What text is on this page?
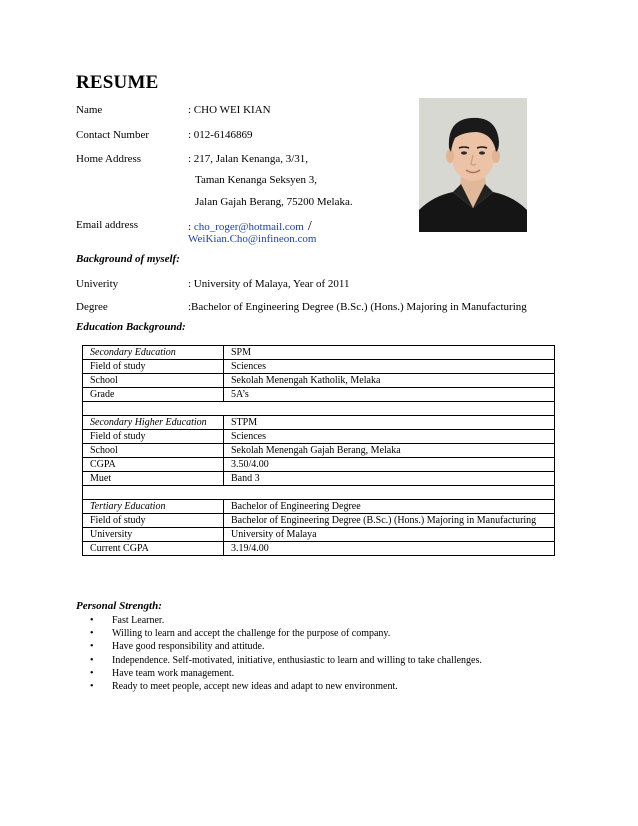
RESUME
Name	: CHO WEI KIAN
Contact Number	: 012-6146869
Home Address	: 217, Jalan Kenanga, 3/31,
Taman Kenanga Seksyen 3,
Jalan Gajah Berang, 75200 Melaka.
Email address	: cho_roger@hotmail.com /
WeiKian.Cho@infineon.com
Background of myself:
Univerity	: University of Malaya, Year of 2011
Degree	:Bachelor of Engineering Degree (B.Sc.) (Hons.) Majoring in Manufacturing
Education Background:
Secondary Education	SPM
Field of study	Sciences
School	Sekolah Menengah Katholik, Melaka
Grade	5A’s

Secondary Higher Education	STPM
Field of study	Sciences
School	Sekolah Menengah Gajah Berang, Melaka
CGPA	3.50/4.00
Muet	Band 3

Tertiary Education	Bachelor of Engineering Degree
Field of study	Bachelor of Engineering Degree (B.Sc.) (Hons.) Majoring in Manufacturing
University	University of Malaya
Current CGPA	3.19/4.00
Personal Strength:
• Fast Learner.
• Willing to learn and accept the challenge for the purpose of company.
• Have good responsibility and attitude.
• Independence. Self-motivated, initiative, enthusiastic to learn and willing to take challenges.
• Have team work management.
• Ready to meet people, accept new ideas and adapt to new environment.
